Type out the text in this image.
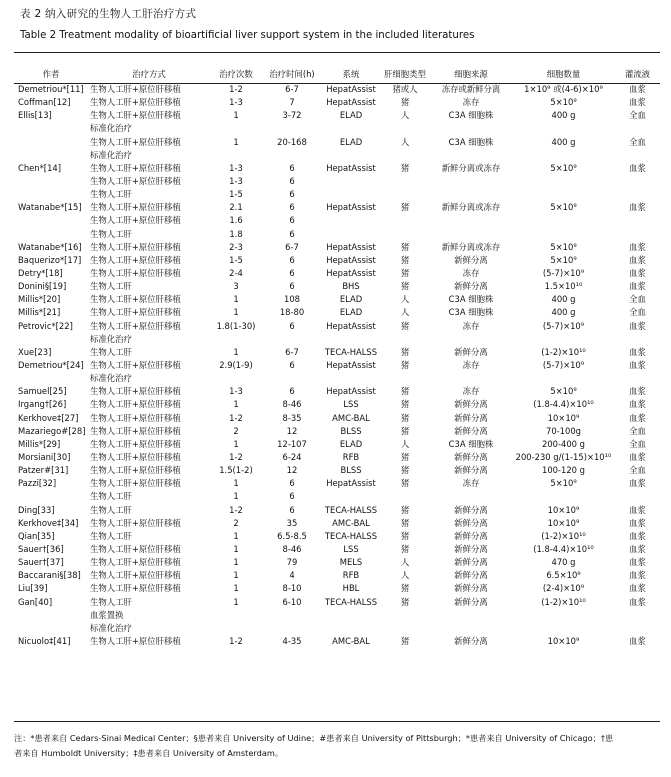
表 2 纳入研究的生物人工肝治疗方式
Table 2 Treatment modality of bioartificial liver support system in the included literatures
作者	治疗方式	治疗次数	治疗时间(h)	系统	肝细胞类型	细胞来源	细胞数量	灌流液
Demetriou*[11]	生物人工肝+原位肝移植	1-2	6-7	HepatAssist	猪或人	冻存或新鲜分离	1×10⁹ 或(4-6)×10⁹	血浆
Coffman[12]	生物人工肝+原位肝移植	1-3	7	HepatAssist	猪	冻存	5×10⁹	血浆
Ellis[13]	生物人工肝+原位肝移植	1	3-72	ELAD	人	C3A 细胞株	400 g	全血
	标准化治疗							
	生物人工肝+原位肝移植	1	20-168	ELAD	人	C3A 细胞株	400 g	全血
	标准化治疗							
Chen*[14]	生物人工肝+原位肝移植	1-3	6	HepatAssist	猪	新鲜分离或冻存	5×10⁹	血浆
	生物人工肝+原位肝移植	1-3	6					
	生物人工肝	1-5	6					
Watanabe*[15]	生物人工肝+原位肝移植	2.1	6	HepatAssist	猪	新鲜分离或冻存	5×10⁹	血浆
	生物人工肝+原位肝移植	1.6	6					
	生物人工肝	1.8	6					
Watanabe*[16]	生物人工肝+原位肝移植	2-3	6-7	HepatAssist	猪	新鲜分离或冻存	5×10⁹	血浆
Baquerizo*[17]	生物人工肝+原位肝移植	1-5	6	HepatAssist	猪	新鲜分离	5×10⁹	血浆
Detry*[18]	生物人工肝+原位肝移植	2-4	6	HepatAssist	猪	冻存	(5-7)×10⁹	血浆
Donini§[19]	生物人工肝	3	6	BHS	猪	新鲜分离	1.5×10¹⁰	血浆
Millis*[20]	生物人工肝+原位肝移植	1	108	ELAD	人	C3A 细胞株	400 g	全血
Millis*[21]	生物人工肝+原位肝移植	1	18-80	ELAD	人	C3A 细胞株	400 g	全血
Petrovic*[22]	生物人工肝+原位肝移植	1.8(1-30)	6	HepatAssist	猪	冻存	(5-7)×10⁹	血浆
	标准化治疗							
Xue[23]	生物人工肝	1	6-7	TECA-HALSS	猪	新鲜分离	(1-2)×10¹⁰	血浆
Demetriou*[24]	生物人工肝+原位肝移植	2.9(1-9)	6	HepatAssist	猪	冻存	(5-7)×10⁹	血浆
	标准化治疗							
Samuel[25]	生物人工肝+原位肝移植	1-3	6	HepatAssist	猪	冻存	5×10⁹	血浆
Irgang†[26]	生物人工肝+原位肝移植	1	8-46	LSS	猪	新鲜分离	(1.8-4.4)×10¹⁰	血浆
Kerkhove‡[27]	生物人工肝+原位肝移植	1-2	8-35	AMC-BAL	猪	新鲜分离	10×10⁹	血浆
Mazariego#[28]	生物人工肝+原位肝移植	2	12	BLSS	猪	新鲜分离	70-100g	全血
Millis*[29]	生物人工肝+原位肝移植	1	12-107	ELAD	人	C3A 细胞株	200-400 g	全血
Morsiani[30]	生物人工肝+原位肝移植	1-2	6-24	RFB	猪	新鲜分离	200-230 g/(1-15)×10¹⁰	血浆
Patzer#[31]	生物人工肝+原位肝移植	1.5(1-2)	12	BLSS	猪	新鲜分离	100-120 g	全血
Pazzi[32]	生物人工肝+原位肝移植	1	6	HepatAssist	猪	冻存	5×10⁹	血浆
	生物人工肝	1	6					
Ding[33]	生物人工肝	1-2	6	TECA-HALSS	猪	新鲜分离	10×10⁹	血浆
Kerkhove‡[34]	生物人工肝+原位肝移植	2	35	AMC-BAL	猪	新鲜分离	10×10⁹	血浆
Qian[35]	生物人工肝	1	6.5-8.5	TECA-HALSS	猪	新鲜分离	(1-2)×10¹⁰	血浆
Sauer†[36]	生物人工肝+原位肝移植	1	8-46	LSS	猪	新鲜分离	(1.8-4.4)×10¹⁰	血浆
Sauer†[37]	生物人工肝+原位肝移植	1	79	MELS	人	新鲜分离	470 g	血浆
Baccarani§[38]	生物人工肝+原位肝移植	1	4	RFB	人	新鲜分离	6.5×10⁹	血浆
Liu[39]	生物人工肝+原位肝移植	1	8-10	HBL	猪	新鲜分离	(2-4)×10⁹	血浆
Gan[40]	生物人工肝	1	6-10	TECA-HALSS	猪	新鲜分离	(1-2)×10¹⁰	血浆
	血浆置换							
	标准化治疗							
Nicuolo‡[41]	生物人工肝+原位肝移植	1-2	4-35	AMC-BAL	猪	新鲜分离	10×10⁹	血浆
注：*患者来自 Cedars-Sinai Medical Center；§患者来自 University of Udine；#患者来自 University of Pittsburgh；*患者来自 University of Chicago；†患
者来自 Humboldt University；‡患者来自 University of Amsterdam。
